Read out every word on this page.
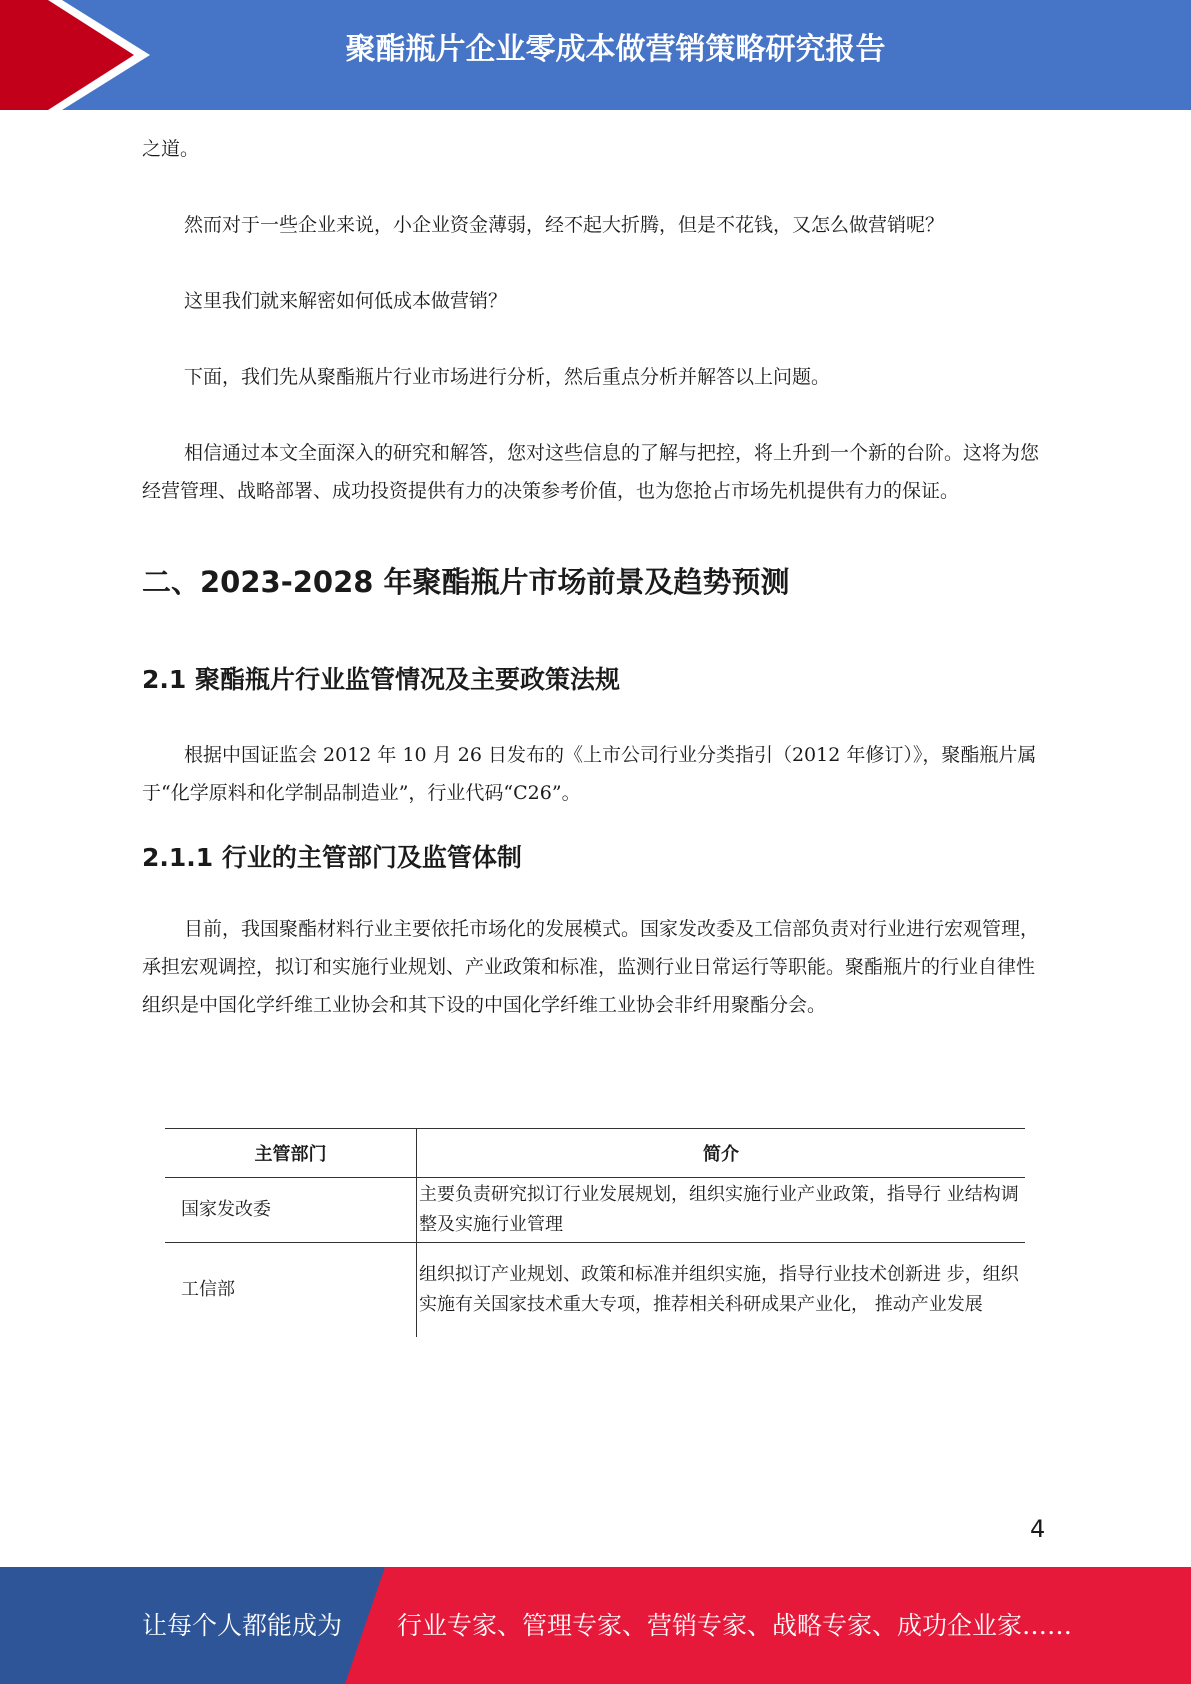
聚酯瓶片企业零成本做营销策略研究报告

之道。

然而对于一些企业来说，小企业资金薄弱，经不起大折腾，但是不花钱，又怎么做营销呢？

这里我们就来解密如何低成本做营销？

下面，我们先从聚酯瓶片行业市场进行分析，然后重点分析并解答以上问题。

相信通过本文全面深入的研究和解答，您对这些信息的了解与把控，将上升到一个新的台阶。这将为您经营管理、战略部署、成功投资提供有力的决策参考价值，也为您抢占市场先机提供有力的保证。

二、2023-2028 年聚酯瓶片市场前景及趋势预测
2.1 聚酯瓶片行业监管情况及主要政策法规

根据中国证监会 2012 年 10 月 26 日发布的《上市公司行业分类指引（2012 年修订）》，聚酯瓶片属于“化学原料和化学制品制造业”，行业代码“C26”。

2.1.1 行业的主管部门及监管体制

目前，我国聚酯材料行业主要依托市场化的发展模式。国家发改委及工信部负责对行业进行宏观管理，承担宏观调控，拟订和实施行业规划、产业政策和标准，监测行业日常运行等职能。聚酯瓶片的行业自律性组织是中国化学纤维工业协会和其下设的中国化学纤维工业协会非纤用聚酯分会。

主管部门	简介
国家发改委	主要负责研究拟订行业发展规划，组织实施行业产业政策，指导行 业结构调整及实施行业管理
工信部	组织拟订产业规划、政策和标准并组织实施，指导行业技术创新进 步，组织实施有关国家技术重大专项，推荐相关科研成果产业化， 推动产业发展
4
让每个人都能成为 行业专家、管理专家、营销专家、战略专家、成功企业家……
